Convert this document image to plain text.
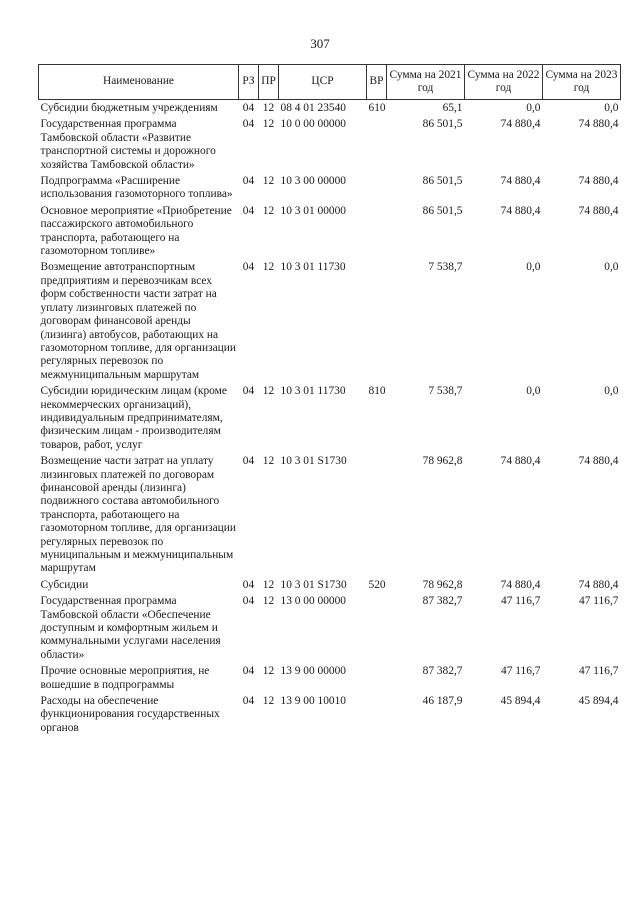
307
Наименование	РЗ	ПР	ЦСР	ВР	Сумма на 2021 год	Сумма на 2022 год	Сумма на 2023 год
Субсидии бюджетным учреждениям	04	12	08 4 01 23540	610	65,1	0,0	0,0
Государственная программа Тамбовской области «Развитие транспортной системы и дорожного хозяйства Тамбовской области»	04	12	10 0 00 00000		86 501,5	74 880,4	74 880,4
Подпрограмма «Расширение использования газомоторного топлива»	04	12	10 3 00 00000		86 501,5	74 880,4	74 880,4
Основное мероприятие «Приобретение пассажирского автомобильного транспорта, работающего на газомоторном топливе»	04	12	10 3 01 00000		86 501,5	74 880,4	74 880,4
Возмещение автотранспортным предприятиям и перевозчикам всех форм собственности части затрат на уплату лизинговых платежей по договорам финансовой аренды (лизинга) автобусов, работающих на газомоторном топливе, для организации регулярных перевозок по межмуниципальным маршрутам	04	12	10 3 01 11730		7 538,7	0,0	0,0
Субсидии юридическим лицам (кроме некоммерческих организаций), индивидуальным предпринимателям, физическим лицам - производителям товаров, работ, услуг	04	12	10 3 01 11730	810	7 538,7	0,0	0,0
Возмещение части затрат на уплату лизинговых платежей по договорам финансовой аренды (лизинга) подвижного состава автомобильного транспорта, работающего на газомоторном топливе, для организации регулярных перевозок по муниципальным и межмуниципальным маршрутам	04	12	10 3 01 S1730		78 962,8	74 880,4	74 880,4
Субсидии	04	12	10 3 01 S1730	520	78 962,8	74 880,4	74 880,4
Государственная программа Тамбовской области «Обеспечение доступным и комфортным жильем и коммунальными услугами населения области»	04	12	13 0 00 00000		87 382,7	47 116,7	47 116,7
Прочие основные мероприятия, не вошедшие в подпрограммы	04	12	13 9 00 00000		87 382,7	47 116,7	47 116,7
Расходы на обеспечение функционирования государственных органов	04	12	13 9 00 10010		46 187,9	45 894,4	45 894,4
